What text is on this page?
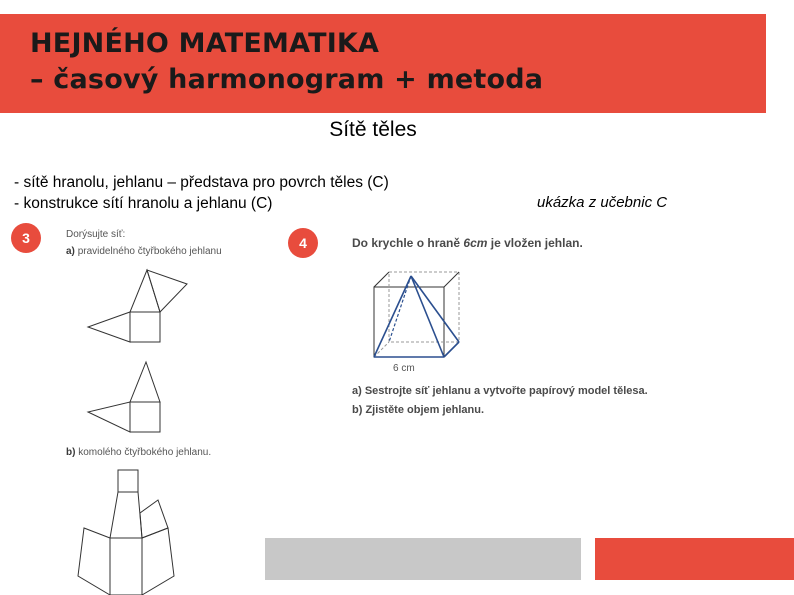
HEJNÉHO MATEMATIKA
– časový harmonogram + metoda
Sítě těles
- sítě hranolu, jehlanu – představa pro povrch těles (C)
- konstrukce sítí hranolu a jehlanu (C)	ukázka z učebnic C
3	Dorýsujte síť:
a) pravidelného čtyřbokého jehlanu
b) komolého čtyřbokého jehlanu.
4	Do krychle o hraně 6cm je vložen jehlan.
6 cm
a) Sestrojte síť jehlanu a vytvořte papírový model tělesa.
b) Zjistěte objem jehlanu.
